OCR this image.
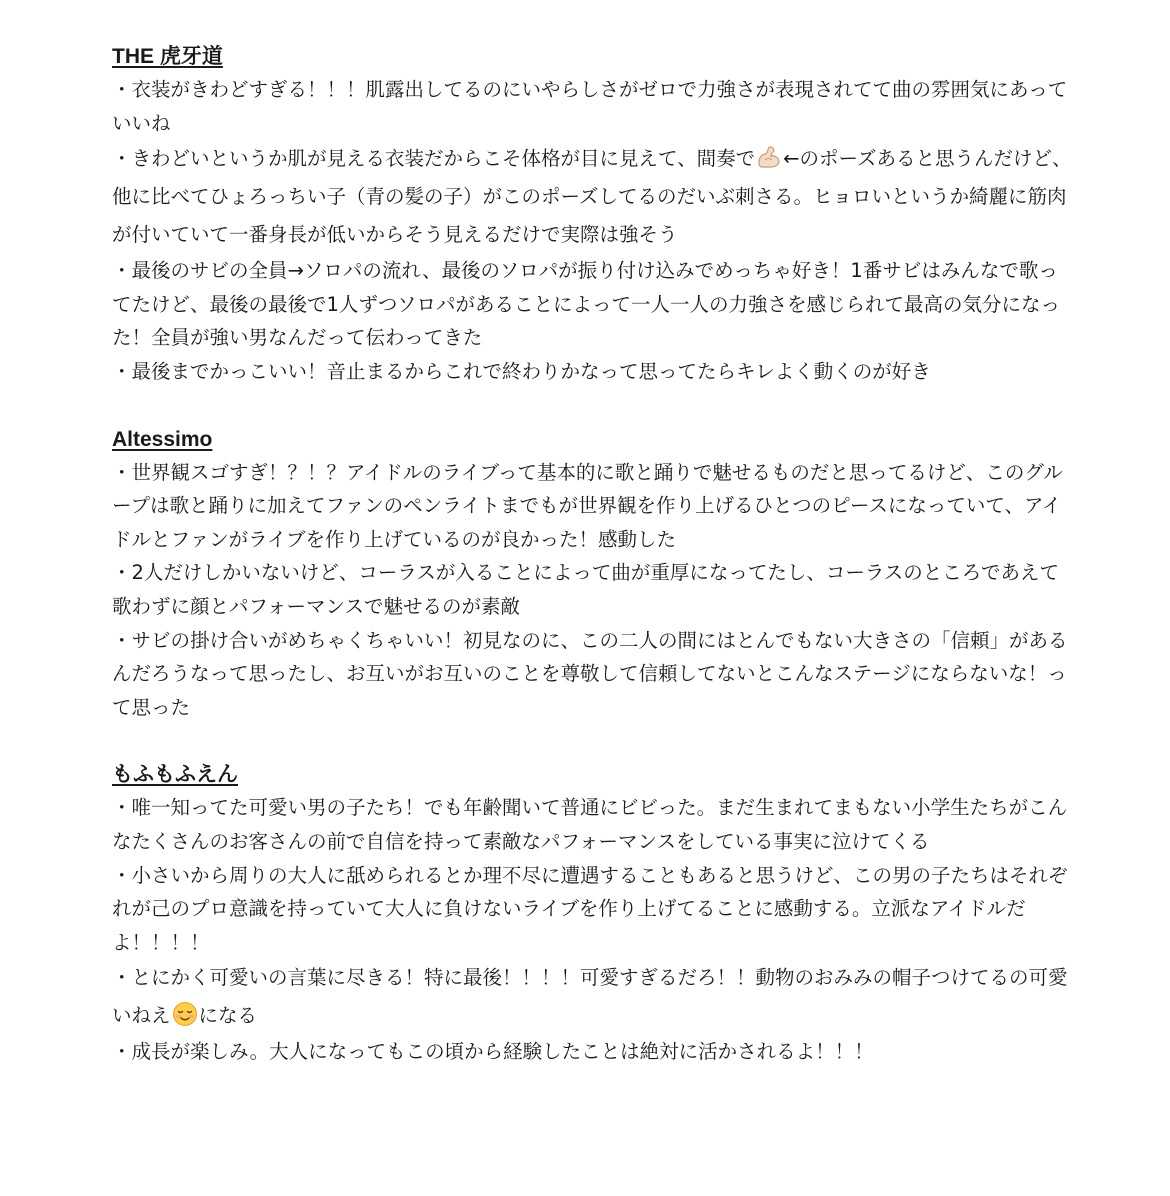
THE 虎牙道
・衣装がきわどすぎる！！！肌露出してるのにいやらしさがゼロで力強さが表現されてて曲の雰囲気にあっていいね
・きわどいというか肌が見える衣装だからこそ体格が目に見えて、間奏で ←のポーズあると思うんだけど、他に比べてひょろっちい子（青の髪の子）がこのポーズしてるのだいぶ刺さる。ヒョロいというか綺麗に筋肉が付いていて一番身長が低いからそう見えるだけで実際は強そう
・最後のサビの全員→ソロパの流れ、最後のソロパが振り付け込みでめっちゃ好き！1番サビはみんなで歌ってたけど、最後の最後で1人ずつソロパがあることによって一人一人の力強さを感じられて最高の気分になった！全員が強い男なんだって伝わってきた
・最後までかっこいい！音止まるからこれで終わりかなって思ってたらキレよく動くのが好き
Altessimo
・世界観スゴすぎ！？！？アイドルのライブって基本的に歌と踊りで魅せるものだと思ってるけど、このグループは歌と踊りに加えてファンのペンライトまでもが世界観を作り上げるひとつのピースになっていて、アイドルとファンがライブを作り上げているのが良かった！感動した
・2人だけしかいないけど、コーラスが入ることによって曲が重厚になってたし、コーラスのところであえて歌わずに顔とパフォーマンスで魅せるのが素敵
・サビの掛け合いがめちゃくちゃいい！初見なのに、この二人の間にはとんでもない大きさの「信頼」があるんだろうなって思ったし、お互いがお互いのことを尊敬して信頼してないとこんなステージにならないな！って思った
もふもふえん
・唯一知ってた可愛い男の子たち！でも年齢聞いて普通にビビった。まだ生まれてまもない小学生たちがこんなたくさんのお客さんの前で自信を持って素敵なパフォーマンスをしている事実に泣けてくる
・小さいから周りの大人に舐められるとか理不尽に遭遇することもあると思うけど、この男の子たちはそれぞれが己のプロ意識を持っていて大人に負けないライブを作り上げてることに感動する。立派なアイドルだよ！！！！
・とにかく可愛いの言葉に尽きる！特に最後！！！！可愛すぎるだろ！！動物のおみみの帽子つけてるの可愛いねえ になる
・成長が楽しみ。大人になってもこの頃から経験したことは絶対に活かされるよ！！！
